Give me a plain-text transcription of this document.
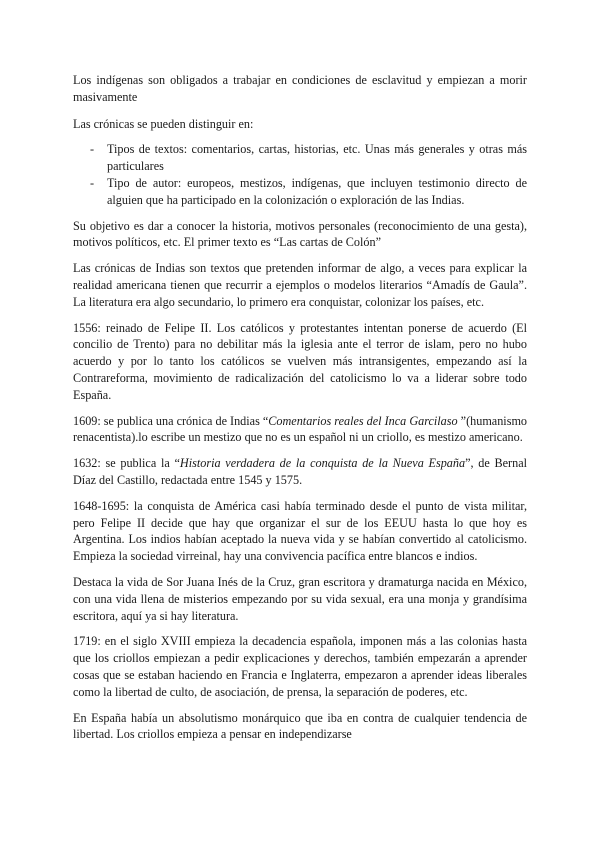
Los indígenas son obligados a trabajar en condiciones de esclavitud y empiezan a morir masivamente

Las crónicas se pueden distinguir en:

- Tipos de textos: comentarios, cartas, historias, etc. Unas más generales y otras más particulares
- Tipo de autor: europeos, mestizos, indígenas, que incluyen testimonio directo de alguien que ha participado en la colonización o exploración de las Indias.

Su objetivo es dar a conocer la historia, motivos personales (reconocimiento de una gesta), motivos políticos, etc. El primer texto es “Las cartas de Colón”

Las crónicas de Indias son textos que pretenden informar de algo, a veces para explicar la realidad americana tienen que recurrir a ejemplos o modelos literarios “Amadís de Gaula”. La literatura era algo secundario, lo primero era conquistar, colonizar los países, etc.

1556: reinado de Felipe II. Los católicos y protestantes intentan ponerse de acuerdo (El concilio de Trento) para no debilitar más la iglesia ante el terror de islam, pero no hubo acuerdo y por lo tanto los católicos se vuelven más intransigentes, empezando así la Contrareforma, movimiento de radicalización del catolicismo lo va a liderar sobre todo España.

1609: se publica una crónica de Indias “Comentarios reales del Inca Garcilaso ”(humanismo renacentista).lo escribe un mestizo que no es un español ni un criollo, es mestizo americano.

1632: se publica la “Historia verdadera de la conquista de la Nueva España”, de Bernal Díaz del Castillo, redactada entre 1545 y 1575.

1648-1695: la conquista de América casi había terminado desde el punto de vista militar, pero Felipe II decide que hay que organizar el sur de los EEUU hasta lo que hoy es Argentina. Los indios habían aceptado la nueva vida y se habían convertido al catolicismo. Empieza la sociedad virreinal, hay una convivencia pacífica entre blancos e indios.

Destaca la vida de Sor Juana Inés de la Cruz, gran escritora y dramaturga nacida en México, con una vida llena de misterios empezando por su vida sexual, era una monja y grandísima escritora, aquí ya si hay literatura.

1719: en el siglo XVIII empieza la decadencia española, imponen más a las colonias hasta que los criollos empiezan a pedir explicaciones y derechos, también empezarán a aprender cosas que se estaban haciendo en Francia e Inglaterra, empezaron a aprender ideas liberales como la libertad de culto, de asociación, de prensa, la separación de poderes, etc.

En España había un absolutismo monárquico que iba en contra de cualquier tendencia de libertad. Los criollos empieza a pensar en independizarse
